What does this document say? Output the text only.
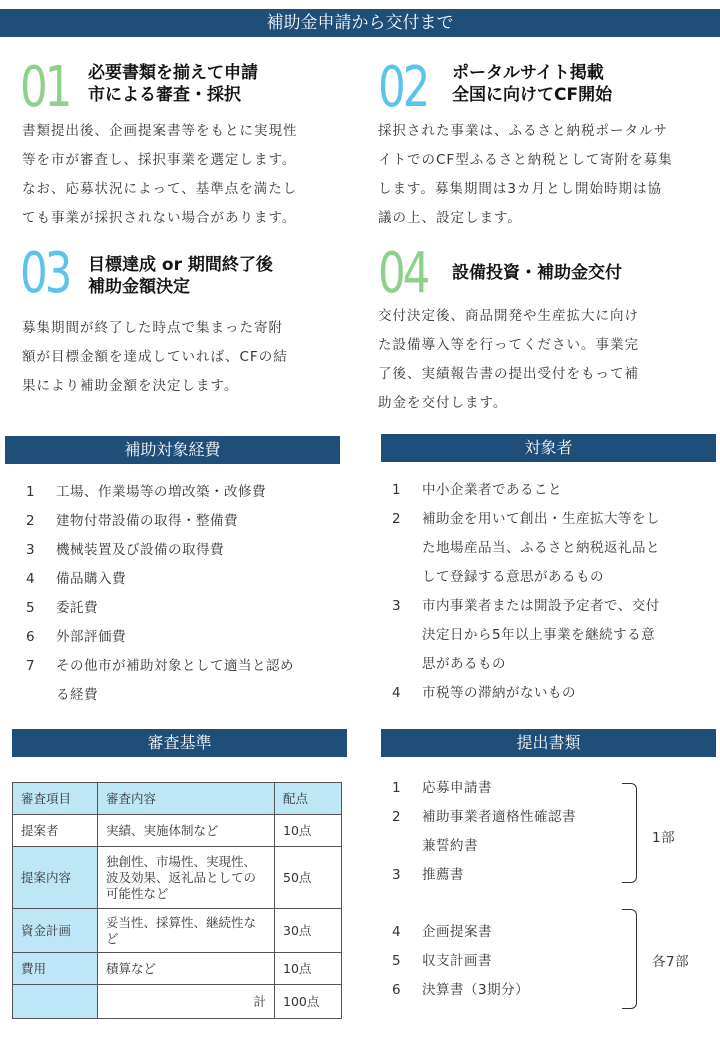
補助金申請から交付まで
01 必要書類を揃えて申請
市による審査・採択
書類提出後、企画提案書等をもとに実現性
等を市が審査し、採択事業を選定します。
なお、応募状況によって、基準点を満たし
ても事業が採択されない場合があります。
02 ポータルサイト掲載
全国に向けてCF開始
採択された事業は、ふるさと納税ポータルサ
イトでのCF型ふるさと納税として寄附を募集
します。募集期間は3カ月とし開始時期は協
議の上、設定します。
03 目標達成 or 期間終了後
補助金額決定
募集期間が終了した時点で集まった寄附
額が目標金額を達成していれば、CFの結
果により補助金額を決定します。
04 設備投資・補助金交付
交付決定後、商品開発や生産拡大に向け
た設備導入等を行ってください。事業完
了後、実績報告書の提出受付をもって補
助金を交付します。
補助対象経費
1 工場、作業場等の増改築・改修費
2 建物付帯設備の取得・整備費
3 機械装置及び設備の取得費
4 備品購入費
5 委託費
6 外部評価費
7 その他市が補助対象として適当と認め
る経費
対象者
1 中小企業者であること
2 補助金を用いて創出・生産拡大等をし
た地場産品当、ふるさと納税返礼品と
して登録する意思があるもの
3 市内事業者または開設予定者で、交付
決定日から5年以上事業を継続する意
思があるもの
4 市税等の滞納がないもの
審査基準
審査項目	審査内容	配点
提案者	実績、実施体制など	10点
提案内容	独創性、市場性、実現性、波及効果、返礼品としての可能性など	50点
資金計画	妥当性、採算性、継続性など	30点
費用	積算など	10点
	計	100点
提出書類
1 応募申請書
2 補助事業者適格性確認書
兼誓約書
3 推薦書
1部
4 企画提案書
5 収支計画書
6 決算書（3期分）
各7部
